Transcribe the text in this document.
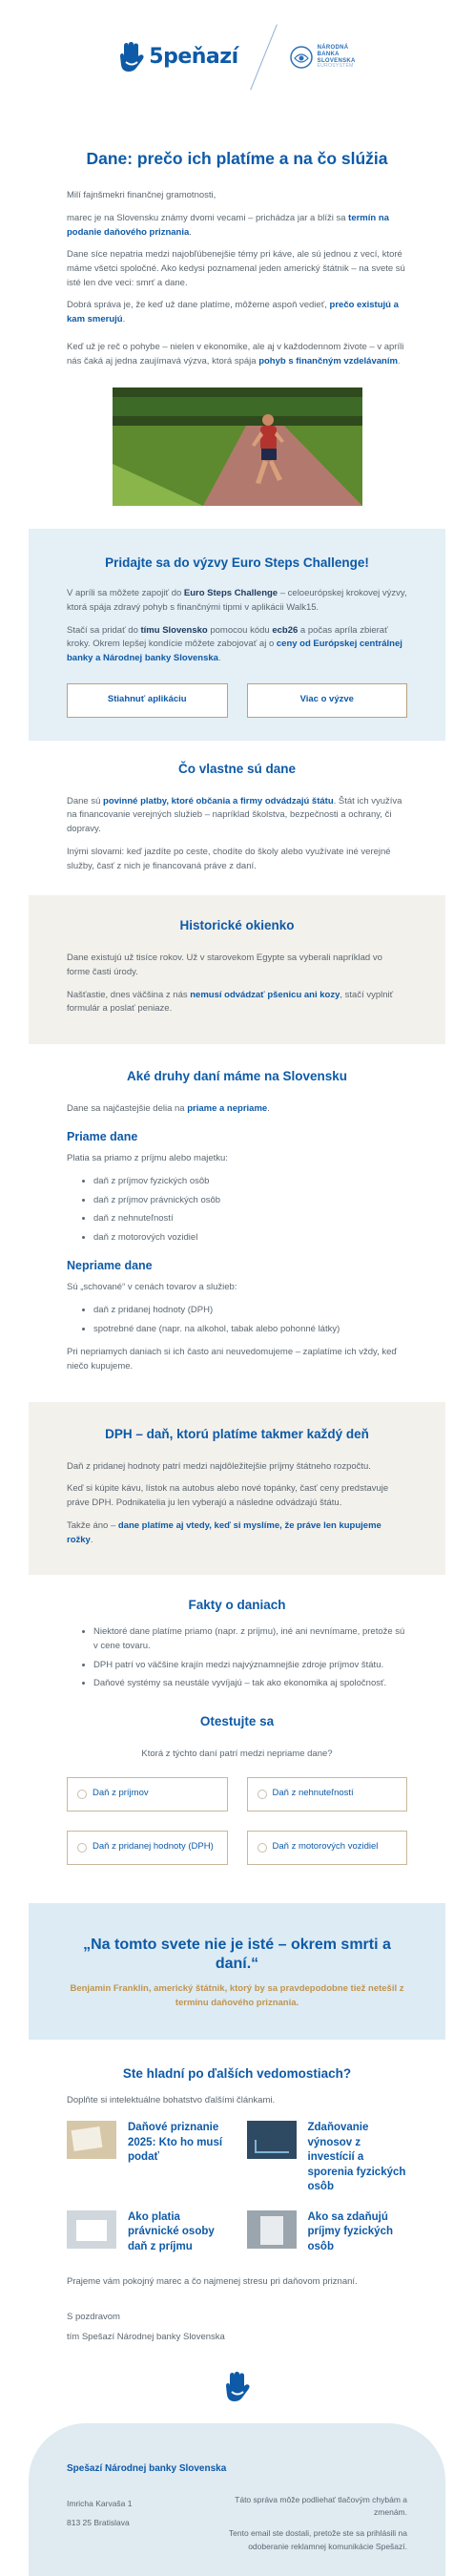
5peňazí	NÁRODNÁ
BANKA
SLOVENSKA
EUROSYSTÉM
Dane: prečo ich platíme a na čo slúžia

Milí fajnšmekri finančnej gramotnosti,

marec je na Slovensku známy dvomi vecami – prichádza jar a blíži sa termín na podanie daňového priznania.

Dane síce nepatria medzi najobľúbenejšie témy pri káve, ale sú jednou z vecí, ktoré máme všetci spoločné. Ako kedysi poznamenal jeden americký štátnik – na svete sú isté len dve veci: smrť a dane.

Dobrá správa je, že keď už dane platíme, môžeme aspoň vedieť, prečo existujú a kam smerujú.

Keď už je reč o pohybe – nielen v ekonomike, ale aj v každodennom živote – v apríli nás čaká aj jedna zaujímavá výzva, ktorá spája pohyb s finančným vzdelávaním.

Pridajte sa do výzvy Euro Steps Challenge!

V apríli sa môžete zapojiť do Euro Steps Challenge – celoeurópskej krokovej výzvy, ktorá spája zdravý pohyb s finančnými tipmi v aplikácii Walk15.

Stačí sa pridať do tímu Slovensko pomocou kódu ecb26 a počas apríla zbierať kroky. Okrem lepšej kondície môžete zabojovať aj o ceny od Európskej centrálnej banky a Národnej banky Slovenska.

Stiahnuť aplikáciu	Viac o výzve
Čo vlastne sú dane

Dane sú povinné platby, ktoré občania a firmy odvádzajú štátu. Štát ich využíva na financovanie verejných služieb – napríklad školstva, bezpečnosti a ochrany, či dopravy.

Inými slovami: keď jazdíte po ceste, chodíte do školy alebo využívate iné verejné služby, časť z nich je financovaná práve z daní.

Historické okienko

Dane existujú už tisíce rokov. Už v starovekom Egypte sa vyberali napríklad vo forme časti úrody.

Našťastie, dnes väčšina z nás nemusí odvádzať pšenicu ani kozy, stačí vyplniť formulár a poslať peniaze.

Aké druhy daní máme na Slovensku

Dane sa najčastejšie delia na priame a nepriame.

Priame dane

Platia sa priamo z príjmu alebo majetku:

• daň z príjmov fyzických osôb
• daň z príjmov právnických osôb
• daň z nehnuteľností
• daň z motorových vozidiel
Nepriame dane

Sú „schované“ v cenách tovarov a služieb:

• daň z pridanej hodnoty (DPH)
• spotrebné dane (napr. na alkohol, tabak alebo pohonné látky)

Pri nepriamych daniach si ich často ani neuvedomujeme – zaplatíme ich vždy, keď niečo kupujeme.

DPH – daň, ktorú platíme takmer každý deň

Daň z pridanej hodnoty patrí medzi najdôležitejšie príjmy štátneho rozpočtu.

Keď si kúpite kávu, lístok na autobus alebo nové topánky, časť ceny predstavuje práve DPH. Podnikatelia ju len vyberajú a následne odvádzajú štátu.

Takže áno – dane platíme aj vtedy, keď si myslíme, že práve len kupujeme rožky.

Fakty o daniach
• Niektoré dane platíme priamo (napr. z príjmu), iné ani nevnímame, pretože sú v cene tovaru.
• DPH patrí vo väčšine krajín medzi najvýznamnejšie zdroje príjmov štátu.
• Daňové systémy sa neustále vyvíjajú – tak ako ekonomika aj spoločnosť.
Otestujte sa

Ktorá z týchto daní patrí medzi nepriame dane?

Daň z príjmov	Daň z nehnuteľností
Daň z pridanej hodnoty (DPH)	Daň z motorových vozidiel
„Na tomto svete nie je isté – okrem smrti a daní.“
Benjamin Franklin, americký štátnik, ktorý by sa pravdepodobne tiež netešil z termínu daňového priznania.
Ste hladní po ďalších vedomostiach?

Doplňte si intelektuálne bohatstvo ďalšími článkami.

Daňové priznanie 2025: Kto ho musí podať
Zdaňovanie výnosov z investícií a sporenia fyzických osôb
Ako platia právnické osoby daň z príjmu
Ako sa zdaňujú príjmy fyzických osôb

Prajeme vám pokojný marec a čo najmenej stresu pri daňovom priznaní.

S pozdravom

tím Spešazí Národnej banky Slovenska

Spešazí Národnej banky Slovenska
Imricha Karvaša 1
813 25 Bratislava
Táto správa môže podliehať tlačovým chybám a zmenám.
Tento email ste dostali, pretože ste sa prihlásili na odoberanie reklamnej komunikácie Spešazí.
